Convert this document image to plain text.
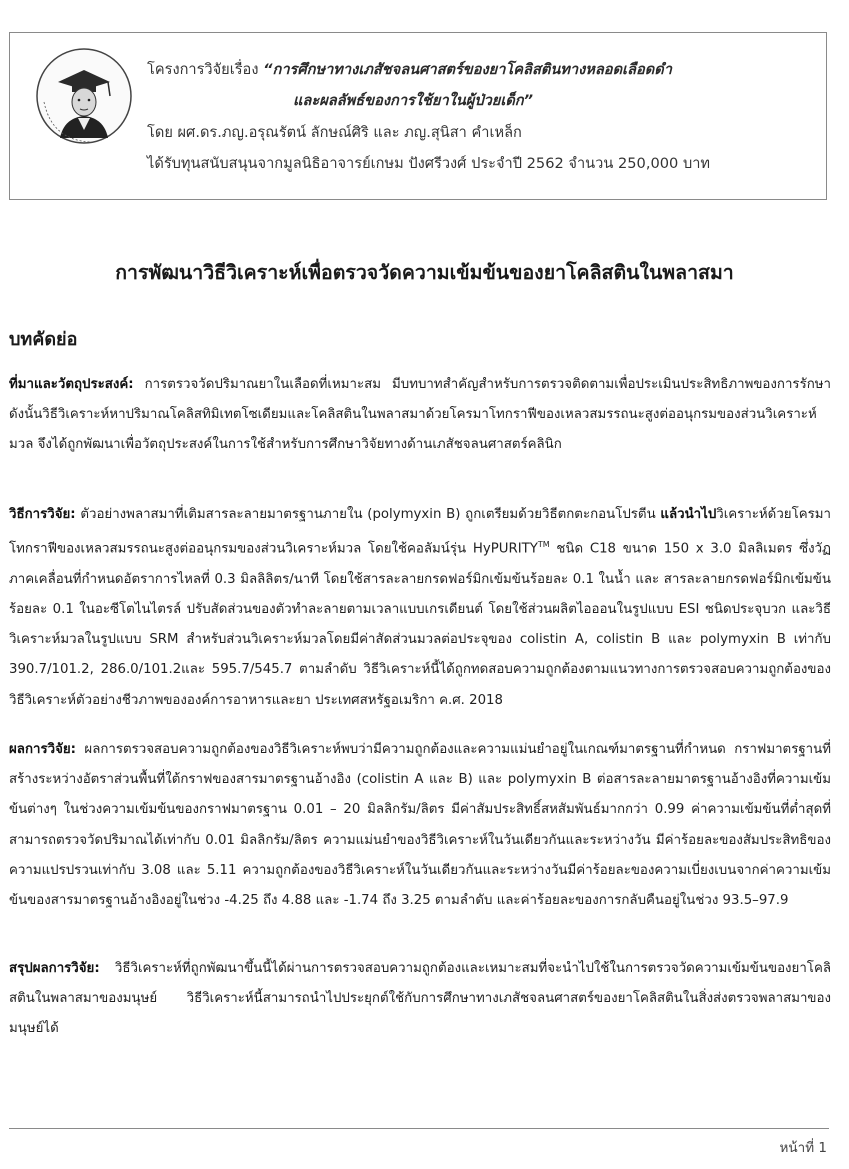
โครงการวิจัยเรื่อง “การศึกษาทางเภสัชจลนศาสตร์ของยาโคลิสตินทางหลอดเลือดดำ
และผลลัพธ์ของการใช้ยาในผู้ป่วยเด็ก”
โดย ผศ.ดร.ภญ.อรุณรัตน์ ลักษณ์ศิริ และ ภญ.สุนิสา คำเหล็ก
ได้รับทุนสนับสนุนจากมูลนิธิอาจารย์เกษม ปังศรีวงศ์ ประจำปี 2562 จำนวน 250,000 บาท
การพัฒนาวิธีวิเคราะห์เพื่อตรวจวัดความเข้มข้นของยาโคลิสตินในพลาสมา
บทคัดย่อ
ที่มาและวัตถุประสงค์: การตรวจวัดปริมาณยาในเลือดที่เหมาะสม มีบทบาทสำคัญสำหรับการตรวจติดตามเพื่อประเมินประสิทธิภาพของการรักษา ดังนั้นวิธีวิเคราะห์หาปริมาณโคลิสทิมิเทตโซเดียมและโคลิสตินในพลาสมาด้วยโครมาโทกราฟีของเหลวสมรรถนะสูงต่ออนุกรมของส่วนวิเคราะห์มวล จึงได้ถูกพัฒนาเพื่อวัตถุประสงค์ในการใช้สำหรับการศึกษาวิจัยทางด้านเภสัชจลนศาสตร์คลินิก
วิธีการวิจัย: ตัวอย่างพลาสมาที่เติมสารละลายมาตรฐานภายใน (polymyxin B) ถูกเตรียมด้วยวิธีตกตะกอนโปรตีน แล้วนำไปวิเคราะห์ด้วยโครมาโทกราฟีของเหลวสมรรถนะสูงต่ออนุกรมของส่วนวิเคราะห์มวล โดยใช้คอลัมน์รุ่น HyPURITY™ ชนิด C18 ขนาด 150 x 3.0 มิลลิเมตร ซึ่งวัฏภาคเคลื่อนที่กำหนดอัตราการไหลที่ 0.3 มิลลิลิตร/นาที โดยใช้สารละลายกรดฟอร์มิกเข้มข้นร้อยละ 0.1 ในน้ำ และ สารละลายกรดฟอร์มิกเข้มข้นร้อยละ 0.1 ในอะซีโตไนไตรล์ ปรับสัดส่วนของตัวทำละลายตามเวลาแบบเกรเดียนต์ โดยใช้ส่วนผลิตไอออนในรูปแบบ ESI ชนิดประจุบวก และวิธีวิเคราะห์มวลในรูปแบบ SRM สำหรับส่วนวิเคราะห์มวลโดยมีค่าสัดส่วนมวลต่อประจุของ colistin A, colistin B และ polymyxin B เท่ากับ 390.7/101.2, 286.0/101.2และ 595.7/545.7 ตามลำดับ วิธีวิเคราะห์นี้ได้ถูกทดสอบความถูกต้องตามแนวทางการตรวจสอบความถูกต้องของวิธีวิเคราะห์ตัวอย่างชีวภาพขององค์การอาหารและยา ประเทศสหรัฐอเมริกา ค.ศ. 2018
ผลการวิจัย: ผลการตรวจสอบความถูกต้องของวิธีวิเคราะห์พบว่ามีความถูกต้องและความแม่นยำอยู่ในเกณฑ์มาตรฐานที่กำหนด กราฟมาตรฐานที่สร้างระหว่างอัตราส่วนพื้นที่ใต้กราฟของสารมาตรฐานอ้างอิง (colistin A และ B) และ polymyxin B ต่อสารละลายมาตรฐานอ้างอิงที่ความเข้มข้นต่างๆ ในช่วงความเข้มข้นของกราฟมาตรฐาน 0.01 – 20 มิลลิกรัม/ลิตร มีค่าสัมประสิทธิ์สหสัมพันธ์มากกว่า 0.99 ค่าความเข้มข้นที่ต่ำสุดที่สามารถตรวจวัดปริมาณได้เท่ากับ 0.01 มิลลิกรัม/ลิตร ความแม่นยำของวิธีวิเคราะห์ในวันเดียวกันและระหว่างวัน มีค่าร้อยละของสัมประสิทธิของความแปรปรวนเท่ากับ 3.08 และ 5.11 ความถูกต้องของวิธีวิเคราะห์ในวันเดียวกันและระหว่างวันมีค่าร้อยละของความเบี่ยงเบนจากค่าความเข้มข้นของสารมาตรฐานอ้างอิงอยู่ในช่วง -4.25 ถึง 4.88 และ -1.74 ถึง 3.25 ตามลำดับ และค่าร้อยละของการกลับคืนอยู่ในช่วง 93.5–97.9
สรุปผลการวิจัย: วิธีวิเคราะห์ที่ถูกพัฒนาขึ้นนี้ได้ผ่านการตรวจสอบความถูกต้องและเหมาะสมที่จะนำไปใช้ในการตรวจวัดความเข้มข้นของยาโคลิสตินในพลาสมาของมนุษย์ วิธีวิเคราะห์นี้สามารถนำไปประยุกต์ใช้กับการศึกษาทางเภสัชจลนศาสตร์ของยาโคลิสตินในสิ่งส่งตรวจพลาสมาของมนุษย์ได้
หน้าที่ 1
